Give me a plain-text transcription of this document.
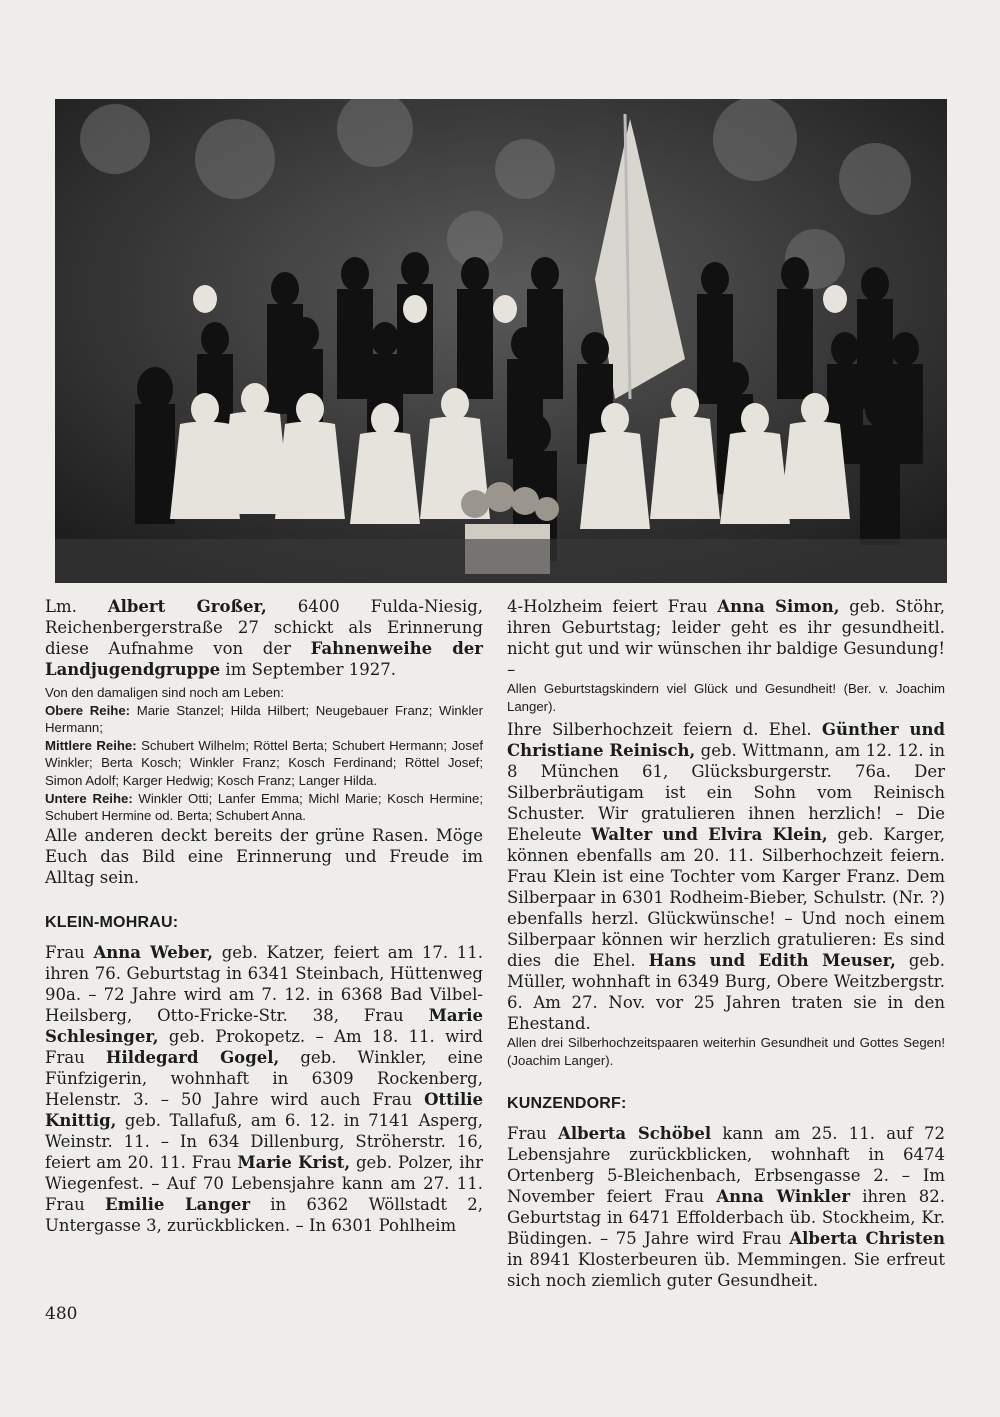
Lm. Albert Großer, 6400 Fulda-Niesig, Reichenbergerstraße 27 schickt als Erinnerung diese Aufnahme von der Fahnenweihe der Landjugendgruppe im September 1927.

Von den damaligen sind noch am Leben:

Obere Reihe: Marie Stanzel; Hilda Hilbert; Neugebauer Franz; Winkler Hermann;

Mittlere Reihe: Schubert Wilhelm; Röttel Berta; Schubert Hermann; Josef Winkler; Berta Kosch; Winkler Franz; Kosch Ferdinand; Röttel Josef; Simon Adolf; Karger Hedwig; Kosch Franz; Langer Hilda.

Untere Reihe: Winkler Otti; Lanfer Emma; Michl Marie; Kosch Hermine; Schubert Hermine od. Berta; Schubert Anna.

Alle anderen deckt bereits der grüne Rasen. Möge Euch das Bild eine Erinnerung und Freude im Alltag sein.

KLEIN-MOHRAU:

Frau Anna Weber, geb. Katzer, feiert am 17. 11. ihren 76. Geburtstag in 6341 Steinbach, Hüttenweg 90a. – 72 Jahre wird am 7. 12. in 6368 Bad Vilbel-Heilsberg, Otto-Fricke-Str. 38, Frau Marie Schlesinger, geb. Prokopetz. – Am 18. 11. wird Frau Hildegard Gogel, geb. Winkler, eine Fünfzigerin, wohnhaft in 6309 Rockenberg, Helenstr. 3. – 50 Jahre wird auch Frau Ottilie Knittig, geb. Tallafuß, am 6. 12. in 7141 Asperg, Weinstr. 11. – In 634 Dillenburg, Ströherstr. 16, feiert am 20. 11. Frau Marie Krist, geb. Polzer, ihr Wiegenfest. – Auf 70 Lebensjahre kann am 27. 11. Frau Emilie Langer in 6362 Wöllstadt 2, Untergasse 3, zurückblicken. – In 6301 Pohlheim

4-Holzheim feiert Frau Anna Simon, geb. Stöhr, ihren Geburtstag; leider geht es ihr gesundheitl. nicht gut und wir wünschen ihr baldige Gesundung! –

Allen Geburtstagskindern viel Glück und Gesundheit! (Ber. v. Joachim Langer).

Ihre Silberhochzeit feiern d. Ehel. Günther und Christiane Reinisch, geb. Wittmann, am 12. 12. in 8 München 61, Glücksburgerstr. 76a. Der Silberbräutigam ist ein Sohn vom Reinisch Schuster. Wir gratulieren ihnen herzlich! – Die Eheleute Walter und Elvira Klein, geb. Karger, können ebenfalls am 20. 11. Silberhochzeit feiern. Frau Klein ist eine Tochter vom Karger Franz. Dem Silberpaar in 6301 Rodheim-Bieber, Schulstr. (Nr. ?) ebenfalls herzl. Glückwünsche! – Und noch einem Silberpaar können wir herzlich gratulieren: Es sind dies die Ehel. Hans und Edith Meuser, geb. Müller, wohnhaft in 6349 Burg, Obere Weitzbergstr. 6. Am 27. Nov. vor 25 Jahren traten sie in den Ehestand.

Allen drei Silberhochzeitspaaren weiterhin Gesundheit und Gottes Segen! (Joachim Langer).

KUNZENDORF:

Frau Alberta Schöbel kann am 25. 11. auf 72 Lebensjahre zurückblicken, wohnhaft in 6474 Ortenberg 5-Bleichenbach, Erbsengasse 2. – Im November feiert Frau Anna Winkler ihren 82. Geburtstag in 6471 Effolderbach üb. Stockheim, Kr. Büdingen. – 75 Jahre wird Frau Alberta Christen in 8941 Klosterbeuren üb. Memmingen. Sie erfreut sich noch ziemlich guter Gesundheit.

480
